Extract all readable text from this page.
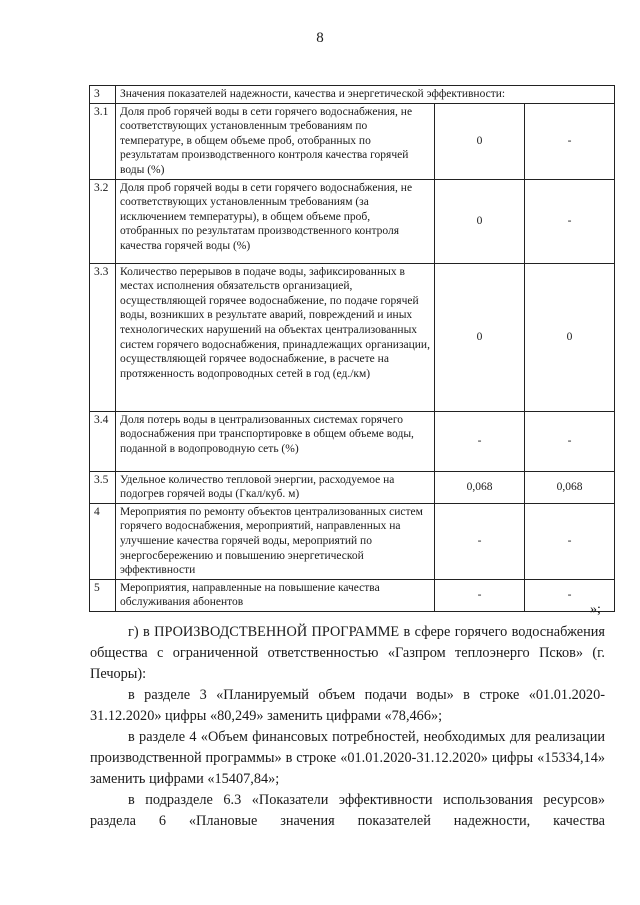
8
3	Значения показателей надежности, качества и энергетической эффективности:		
3.1	Доля проб горячей воды в сети горячего водоснабжения, не соответствующих установленным требованиям по температуре, в общем объеме проб, отобранных по результатам производственного контроля качества горячей воды (%)	0	-
3.2	Доля проб горячей воды в сети горячего водоснабжения, не соответствующих установленным требованиям (за исключением температуры), в общем объеме проб, отобранных по результатам производственного контроля качества горячей воды (%)	0	-
3.3	Количество перерывов в подаче воды, зафиксированных в местах исполнения обязательств организацией, осуществляющей горячее водоснабжение, по подаче горячей воды, возникших в результате аварий, повреждений и иных технологических нарушений на объектах централизованных систем горячего водоснабжения, принадлежащих организации, осуществляющей горячее водоснабжение, в расчете на протяженность водопроводных сетей в год (ед./км)	0	0
3.4	Доля потерь воды в централизованных системах горячего водоснабжения при транспортировке в общем объеме воды, поданной в водопроводную сеть (%)	-	-
3.5	Удельное количество тепловой энергии, расходуемое на подогрев горячей воды (Гкал/куб. м)	0,068	0,068
4	Мероприятия по ремонту объектов централизованных систем горячего водоснабжения, мероприятий, направленных на улучшение качества горячей воды, мероприятий по энергосбережению и повышению энергетической эффективности	-	-
5	Мероприятия, направленные на повышение качества обслуживания абонентов	-	-
»;
г) в ПРОИЗВОДСТВЕННОЙ ПРОГРАММЕ в сфере горячего водоснабжения общества с ограниченной ответственностью «Газпром теплоэнерго Псков» (г. Печоры):
в разделе 3 «Планируемый объем подачи воды» в строке «01.01.2020-31.12.2020» цифры «80,249» заменить цифрами «78,466»;
в разделе 4 «Объем финансовых потребностей, необходимых для реализации производственной программы» в строке «01.01.2020-31.12.2020» цифры «15334,14» заменить цифрами «15407,84»;
в подразделе 6.3 «Показатели эффективности использования ресурсов» раздела 6 «Плановые значения показателей надежности, качества
